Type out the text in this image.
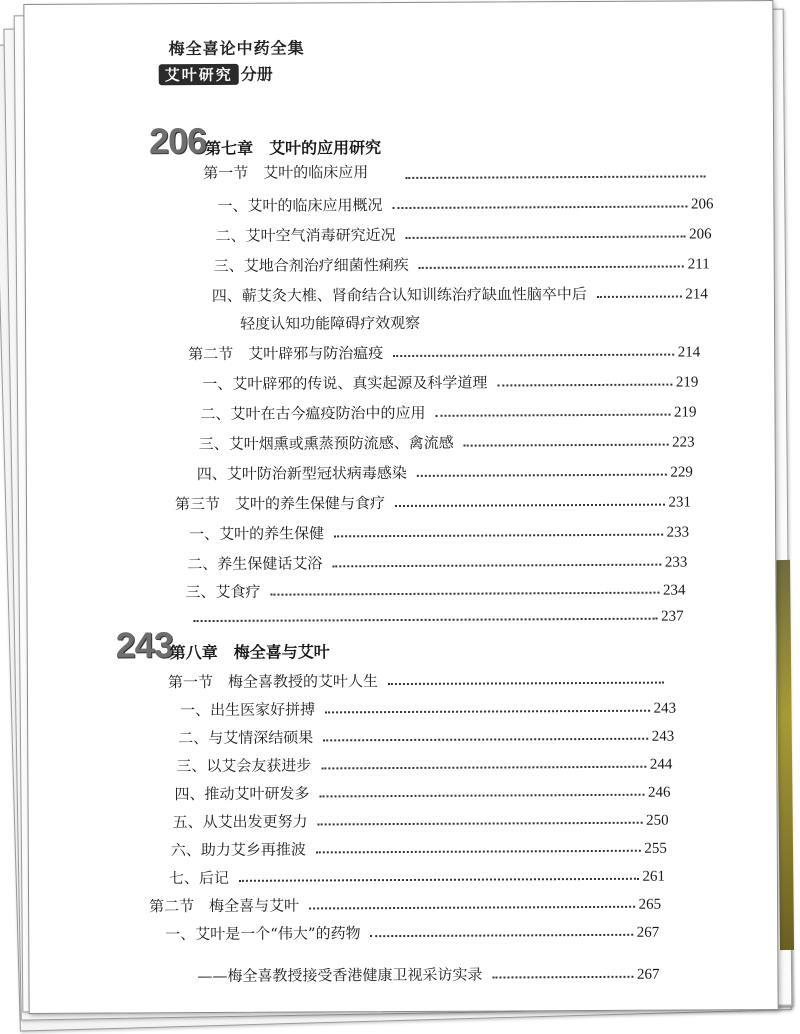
梅全喜论中药全集
艾叶研究 分册
206
第七章　艾叶的应用研究
第一节　艾叶的临床应用
一、艾叶的临床应用概况	206
二、艾叶空气消毒研究近况	206
三、艾地合剂治疗细菌性痢疾	211
四、蕲艾灸大椎、肾俞结合认知训练治疗缺血性脑卒中后	214
轻度认知功能障碍疗效观察
第二节　艾叶辟邪与防治瘟疫	214
一、艾叶辟邪的传说、真实起源及科学道理	219
二、艾叶在古今瘟疫防治中的应用	219
三、艾叶烟熏或熏蒸预防流感、禽流感	223
四、艾叶防治新型冠状病毒感染	229
第三节　艾叶的养生保健与食疗	231
一、艾叶的养生保健	233
二、养生保健话艾浴	233
三、艾食疗	234
237
243
第八章　梅全喜与艾叶
第一节　梅全喜教授的艾叶人生
一、出生医家好拼搏	243
二、与艾情深结硕果	243
三、以艾会友获进步	244
四、推动艾叶研发多	246
五、从艾出发更努力	250
六、助力艾乡再推波	255
七、后记	261
第二节　梅全喜与艾叶	265
一、艾叶是一个“伟大”的药物	267
——梅全喜教授接受香港健康卫视采访实录	267
